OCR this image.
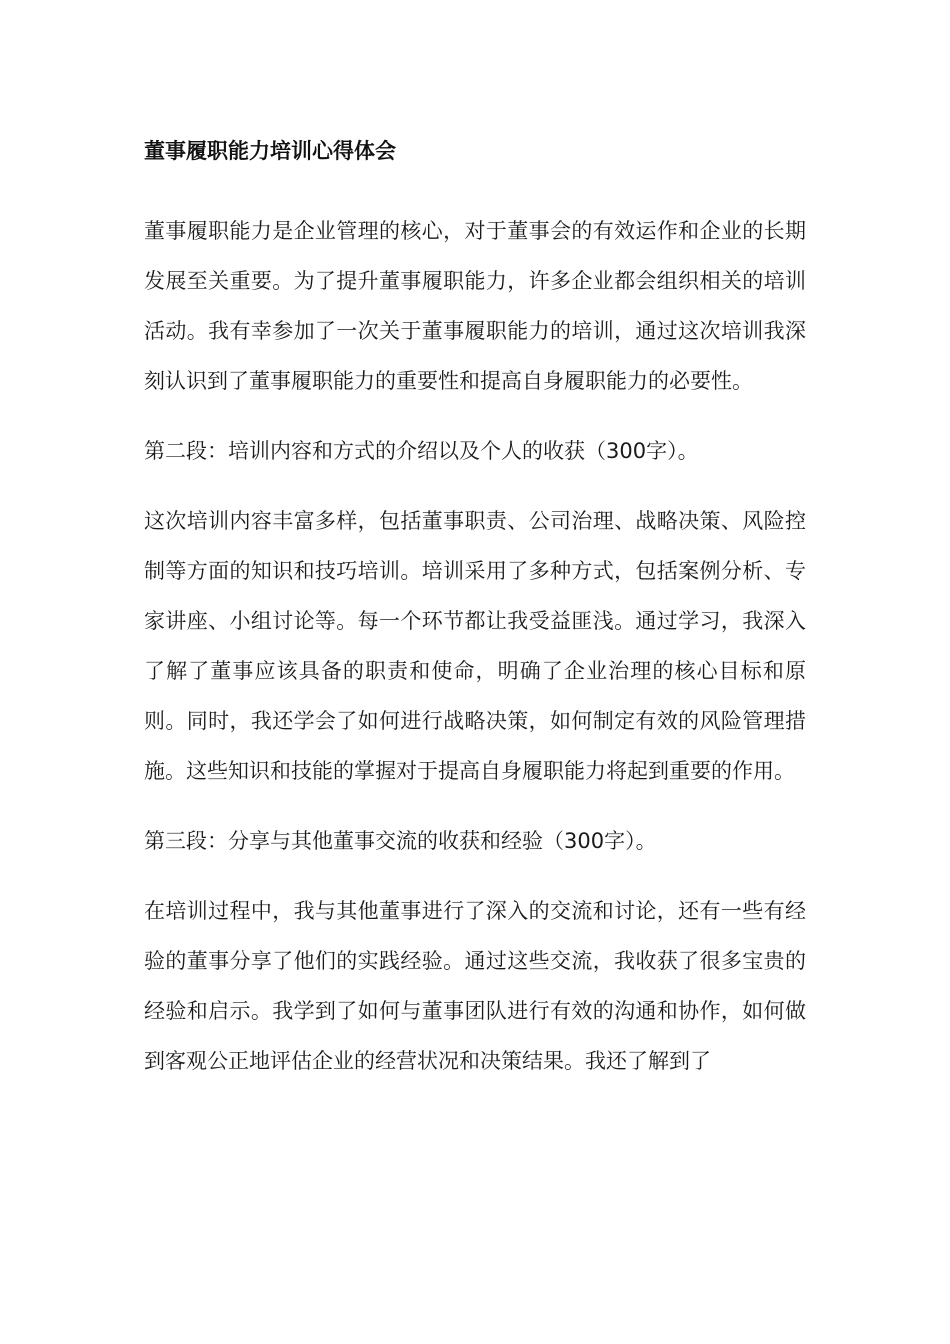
董事履职能力培训心得体会

董事履职能力是企业管理的核心，对于董事会的有效运作和企业的长期发展至关重要。为了提升董事履职能力，许多企业都会组织相关的培训活动。我有幸参加了一次关于董事履职能力的培训，通过这次培训我深刻认识到了董事履职能力的重要性和提高自身履职能力的必要性。

第二段：培训内容和方式的介绍以及个人的收获（300字）。

这次培训内容丰富多样，包括董事职责、公司治理、战略决策、风险控制等方面的知识和技巧培训。培训采用了多种方式，包括案例分析、专家讲座、小组讨论等。每一个环节都让我受益匪浅。通过学习，我深入了解了董事应该具备的职责和使命，明确了企业治理的核心目标和原则。同时，我还学会了如何进行战略决策，如何制定有效的风险管理措施。这些知识和技能的掌握对于提高自身履职能力将起到重要的作用。

第三段：分享与其他董事交流的收获和经验（300字）。

在培训过程中，我与其他董事进行了深入的交流和讨论，还有一些有经验的董事分享了他们的实践经验。通过这些交流，我收获了很多宝贵的经验和启示。我学到了如何与董事团队进行有效的沟通和协作，如何做到客观公正地评估企业的经营状况和决策结果。我还了解到了
